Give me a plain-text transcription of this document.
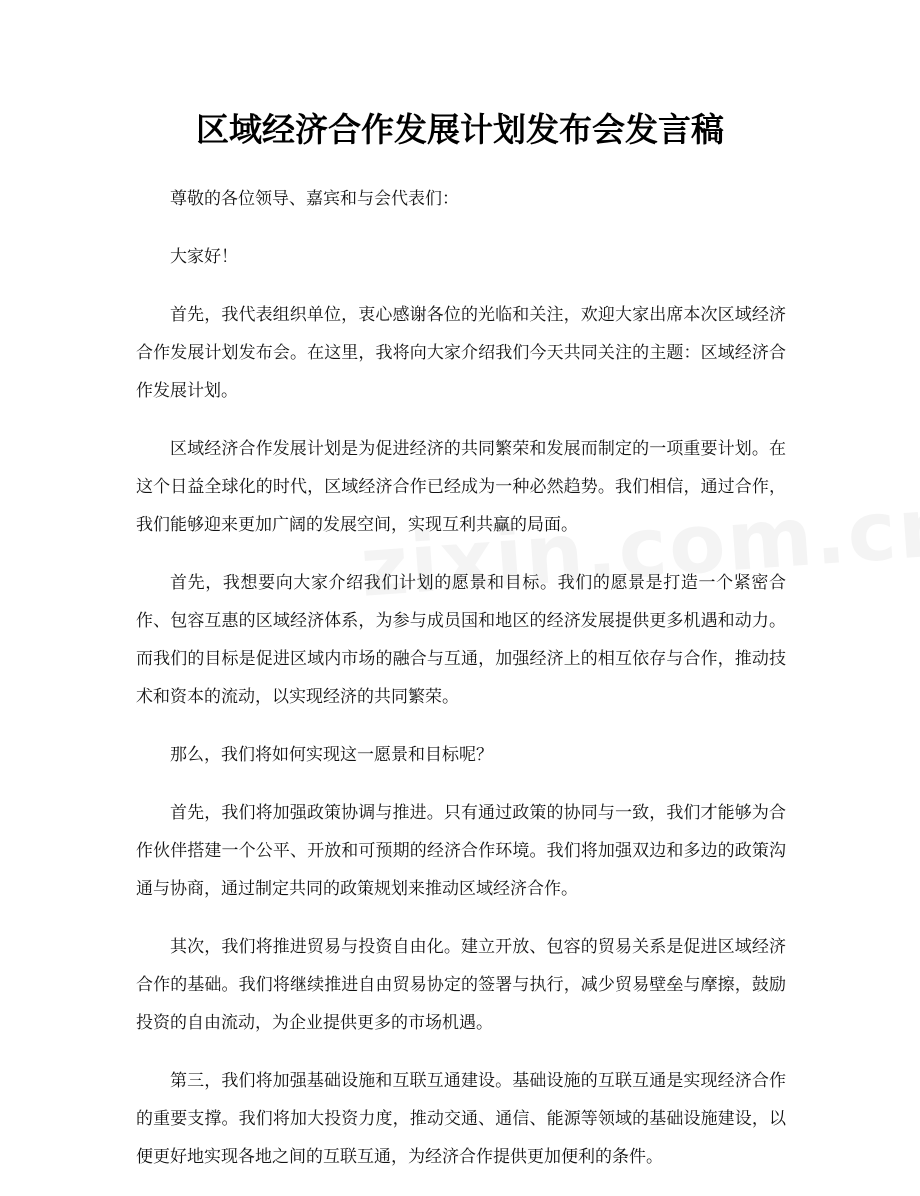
区域经济合作发展计划发布会发言稿

尊敬的各位领导、嘉宾和与会代表们：

大家好！

首先，我代表组织单位，衷心感谢各位的光临和关注，欢迎大家出席本次区域经济合作发展计划发布会。在这里，我将向大家介绍我们今天共同关注的主题：区域经济合作发展计划。

区域经济合作发展计划是为促进经济的共同繁荣和发展而制定的一项重要计划。在这个日益全球化的时代，区域经济合作已经成为一种必然趋势。我们相信，通过合作，我们能够迎来更加广阔的发展空间，实现互利共赢的局面。

首先，我想要向大家介绍我们计划的愿景和目标。我们的愿景是打造一个紧密合作、包容互惠的区域经济体系，为参与成员国和地区的经济发展提供更多机遇和动力。而我们的目标是促进区域内市场的融合与互通，加强经济上的相互依存与合作，推动技术和资本的流动，以实现经济的共同繁荣。

那么，我们将如何实现这一愿景和目标呢？

首先，我们将加强政策协调与推进。只有通过政策的协同与一致，我们才能够为合作伙伴搭建一个公平、开放和可预期的经济合作环境。我们将加强双边和多边的政策沟通与协商，通过制定共同的政策规划来推动区域经济合作。

其次，我们将推进贸易与投资自由化。建立开放、包容的贸易关系是促进区域经济合作的基础。我们将继续推进自由贸易协定的签署与执行，减少贸易壁垒与摩擦，鼓励投资的自由流动，为企业提供更多的市场机遇。

第三，我们将加强基础设施和互联互通建设。基础设施的互联互通是实现经济合作的重要支撑。我们将加大投资力度，推动交通、通信、能源等领域的基础设施建设，以便更好地实现各地之间的互联互通，为经济合作提供更加便利的条件。
